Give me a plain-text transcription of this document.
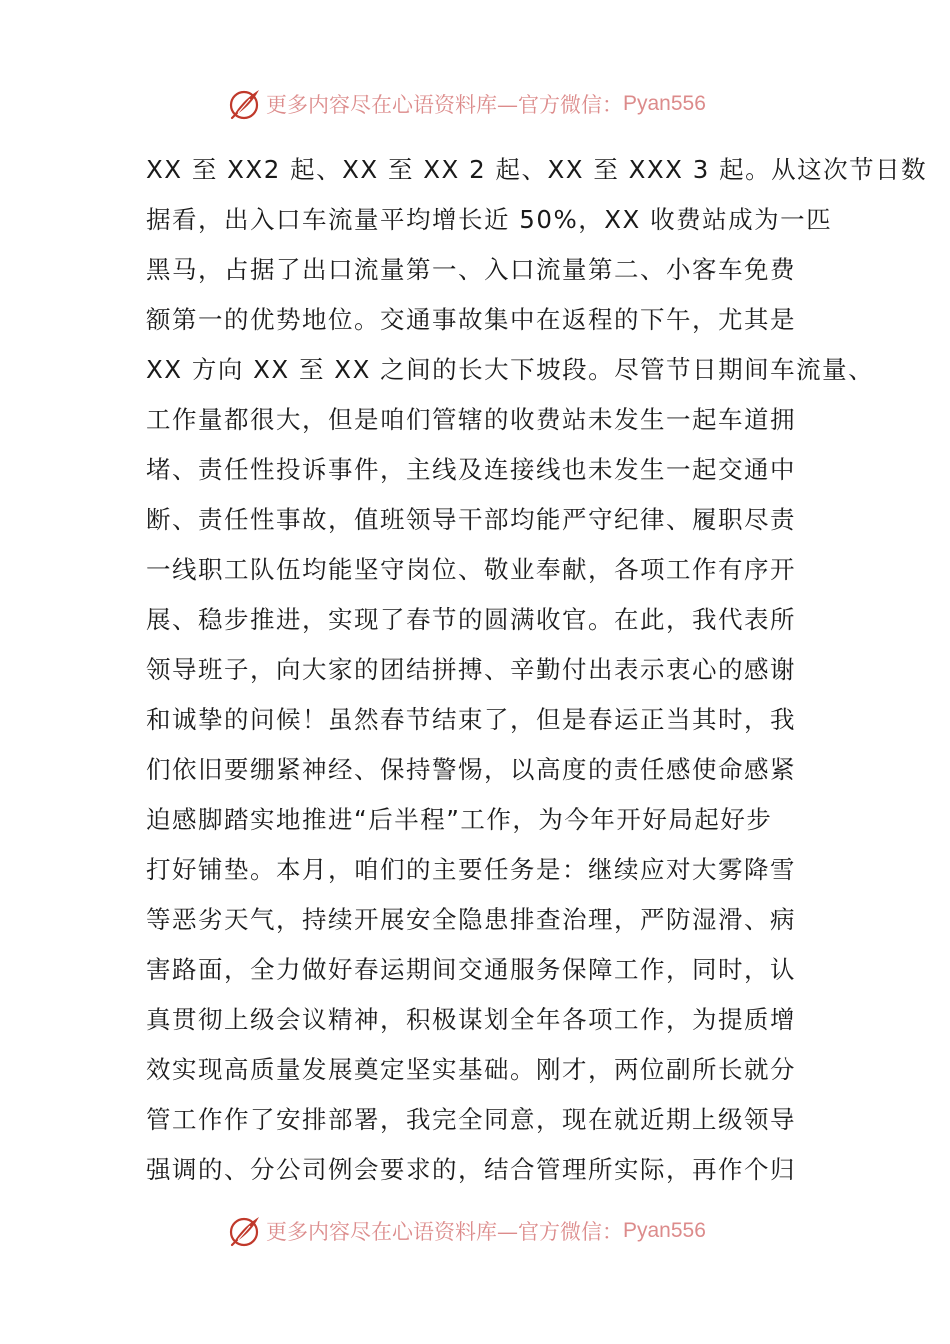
更多内容尽在心语资料库—官方微信： Pyan556
XX 至 XX2 起、XX 至 XX 2 起、XX 至 XXX 3 起。从这次节日数
据看，出入口车流量平均增长近 50%，XX 收费站成为一匹
黑马，占据了出口流量第一、入口流量第二、小客车免费
额第一的优势地位。交通事故集中在返程的下午，尤其是
XX 方向 XX 至 XX 之间的长大下坡段。尽管节日期间车流量、
工作量都很大，但是咱们管辖的收费站未发生一起车道拥
堵、责任性投诉事件，主线及连接线也未发生一起交通中
断、责任性事故，值班领导干部均能严守纪律、履职尽责
一线职工队伍均能坚守岗位、敬业奉献，各项工作有序开
展、稳步推进，实现了春节的圆满收官。在此，我代表所
领导班子，向大家的团结拼搏、辛勤付出表示衷心的感谢
和诚挚的问候！虽然春节结束了，但是春运正当其时，我
们依旧要绷紧神经、保持警惕，以高度的责任感使命感紧
迫感脚踏实地推进“后半程”工作，为今年开好局起好步
打好铺垫。本月，咱们的主要任务是：继续应对大雾降雪
等恶劣天气，持续开展安全隐患排查治理，严防湿滑、病
害路面，全力做好春运期间交通服务保障工作，同时，认
真贯彻上级会议精神，积极谋划全年各项工作，为提质增
效实现高质量发展奠定坚实基础。刚才，两位副所长就分
管工作作了安排部署，我完全同意，现在就近期上级领导
强调的、分公司例会要求的，结合管理所实际，再作个归
更多内容尽在心语资料库—官方微信： Pyan556
